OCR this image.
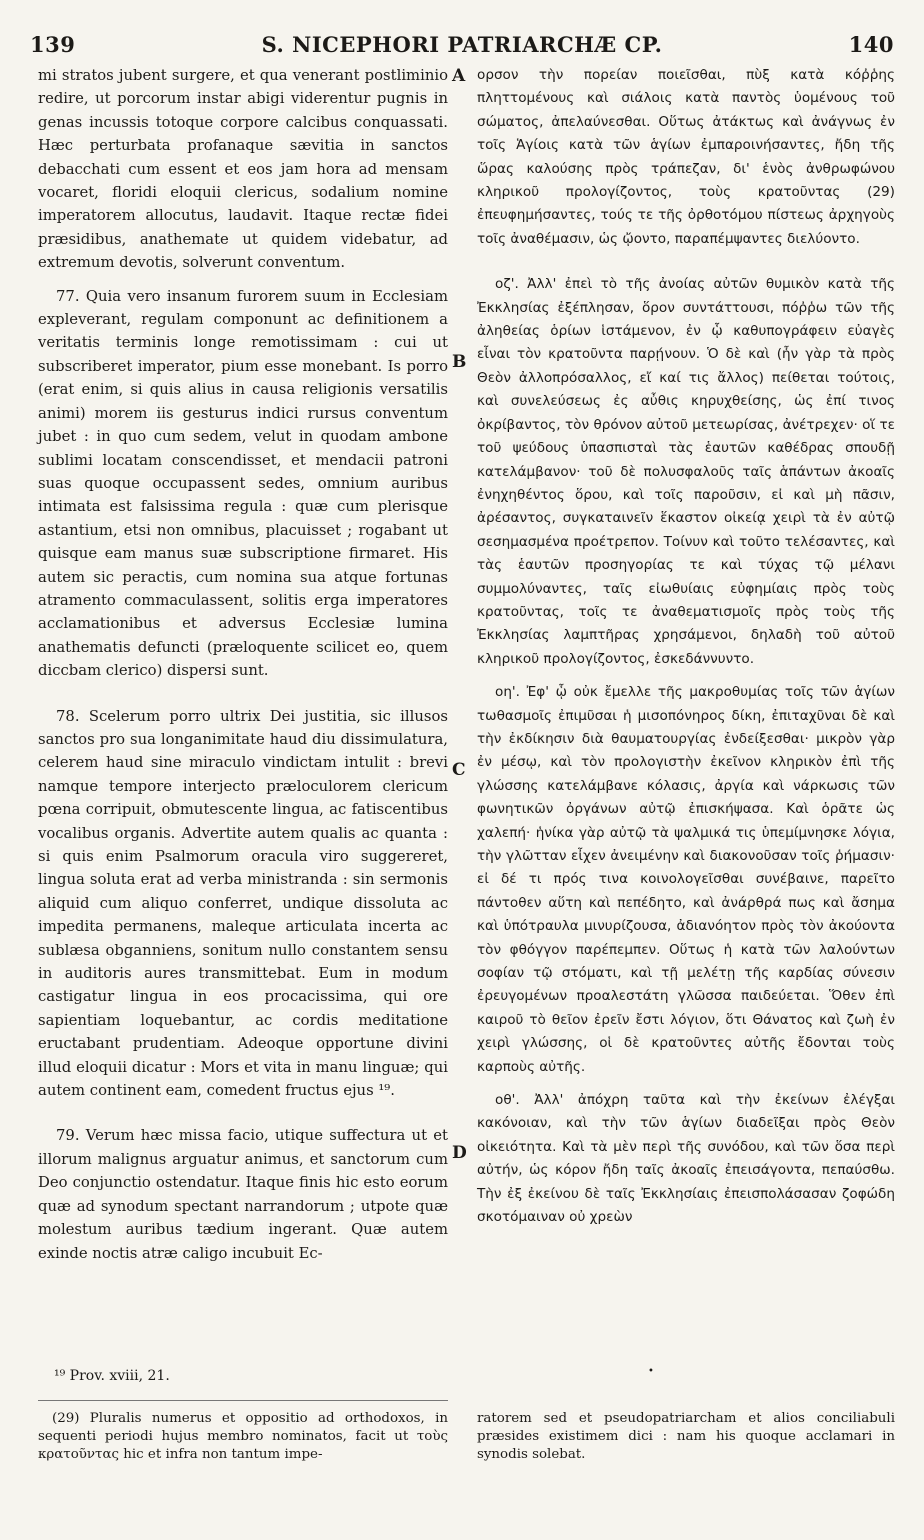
139	S. NICEPHORI PATRIARCHÆ CP.	140

mi stratos jubent surgere, et qua venerant postliminio redire, ut porcorum instar abigi viderentur pugnis in genas incussis totoque corpore calcibus conquassati. Hæc perturbata profanaque sævitia in sanctos debacchati cum essent et eos jam hora ad mensam vocaret, floridi eloquii clericus, sodalium nomine imperatorem allocutus, laudavit. Itaque rectæ fidei præsidibus, anathemate ut quidem videbatur, ad extremum devotis, solverunt conventum.

77. Quia vero insanum furorem suum in Ecclesiam expleverant, regulam componunt ac definitionem a veritatis terminis longe remotissimam : cui ut subscriberet imperator, pium esse monebant. Is porro (erat enim, si quis alius in causa religionis versatilis animi) morem iis gesturus indici rursus conventum jubet : in quo cum sedem, velut in quodam ambone sublimi locatam conscendisset, et mendacii patroni suas quoque occupassent sedes, omnium auribus intimata est falsissima regula : quæ cum plerisque astantium, etsi non omnibus, placuisset ; rogabant ut quisque eam manus suæ subscriptione firmaret. His autem sic peractis, cum nomina sua atque fortunas atramento commaculassent, solitis erga imperatores acclamationibus et adversus Ecclesiæ lumina anathematis defuncti (præloquente scilicet eo, quem diccbam clerico) dispersi sunt.

78. Scelerum porro ultrix Dei justitia, sic illusos sanctos pro sua longanimitate haud diu dissimulatura, celerem haud sine miraculo vindictam intulit : brevi namque tempore interjecto præloculorem clericum pœna corripuit, obmutescente lingua, ac fatiscentibus vocalibus organis. Advertite autem qualis ac quanta : si quis enim Psalmorum oracula viro suggereret, lingua soluta erat ad verba ministranda : sin sermonis aliquid cum aliquo conferret, undique dissoluta ac impedita permanens, maleque articulata incerta ac sublæsa obganniens, sonitum nullo constantem sensu in auditoris aures transmittebat. Eum in modum castigatur lingua in eos procacissima, qui ore sapientiam loquebantur, ac cordis meditatione eructabant prudentiam. Adeoque opportune divini illud eloquii dicatur : Mors et vita in manu linguæ; qui autem continent eam, comedent fructus ejus ¹⁹.

79. Verum hæc missa facio, utique suffectura ut et illorum malignus arguatur animus, et sanctorum cum Deo conjunctio ostendatur. Itaque finis hic esto eorum quæ ad synodum spectant narrandorum ; utpote quæ molestum auribus tædium ingerant. Quæ autem exinde noctis atræ caligo incubuit Ec-

A
B
C
D

ορσον τὴν πορείαν ποιεῖσθαι, πὺξ κατὰ κόῤῥης πληττομένους καὶ σιάλοις κατὰ παντὸς ὑομένους τοῦ σώματος, ἀπελαύνεσθαι. Οὕτως ἀτάκτως καὶ ἀνάγνως ἐν τοῖς Ἁγίοις κατὰ τῶν ἁγίων ἐμπαροινήσαντες, ἤδη τῆς ὥρας καλούσης πρὸς τράπεζαν, δι' ἑνὸς ἀνθρωφώνου κληρικοῦ προλογίζοντος, τοὺς κρατοῦντας (29) ἐπευφημήσαντες, τούς τε τῆς ὀρθοτόμου πίστεως ἀρχηγοὺς τοῖς ἀναθέμασιν, ὡς ᾤοντο, παραπέμψαντες διελύοντο.

οζ'. Ἀλλ' ἐπεὶ τὸ τῆς ἀνοίας αὐτῶν θυμικὸν κατὰ τῆς Ἐκκλησίας ἐξέπλησαν, ὅρον συντάττουσι, πόῤῥω τῶν τῆς ἀληθείας ὁρίων ἱστάμενον, ἐν ᾧ καθυπογράφειν εὐαγὲς εἶναι τὸν κρατοῦντα παρῄνουν. Ὁ δὲ καὶ (ἦν γὰρ τὰ πρὸς Θεὸν ἀλλοπρόσαλλος, εἴ καί τις ἄλλος) πείθεται τούτοις, καὶ συνελεύσεως ἐς αὖθις κηρυχθείσης, ὡς ἐπί τινος ὀκρίβαντος, τὸν θρόνον αὐτοῦ μετεωρίσας, ἀνέτρεχεν· οἵ τε τοῦ ψεύδους ὑπασπισταὶ τὰς ἑαυτῶν καθέδρας σπουδῇ κατελάμβανον· τοῦ δὲ πολυσφαλοῦς ταῖς ἁπάντων ἀκοαῖς ἐνηχηθέντος ὅρου, καὶ τοῖς παροῦσιν, εἰ καὶ μὴ πᾶσιν, ἀρέσαντος, συγκαταινεῖν ἕκαστον οἰκείᾳ χειρὶ τὰ ἐν αὐτῷ σεσημασμένα προέτρεπον. Τοίνυν καὶ τοῦτο τελέσαντες, καὶ τὰς ἑαυτῶν προσηγορίας τε καὶ τύχας τῷ μέλανι συμμολύναντες, ταῖς εἰωθυίαις εὐφημίαις πρὸς τοὺς κρατοῦντας, τοῖς τε ἀναθεματισμοῖς πρὸς τοὺς τῆς Ἐκκλησίας λαμπτῆρας χρησάμενοι, δηλαδὴ τοῦ αὐτοῦ κληρικοῦ προλογίζοντος, ἐσκεδάννυντο.

οη'. Ἐφ' ᾧ οὐκ ἔμελλε τῆς μακροθυμίας τοῖς τῶν ἁγίων τωθασμοῖς ἐπιμῦσαι ἡ μισοπόνηρος δίκη, ἐπιταχῦναι δὲ καὶ τὴν ἐκδίκησιν διὰ θαυματουργίας ἐνδείξεσθαι· μικρὸν γὰρ ἐν μέσῳ, καὶ τὸν προλογιστὴν ἐκεῖνον κληρικὸν ἐπὶ τῆς γλώσσης κατελάμβανε κόλασις, ἀργία καὶ νάρκωσις τῶν φωνητικῶν ὀργάνων αὐτῷ ἐπισκήψασα. Καὶ ὁρᾶτε ὡς χαλεπή· ἡνίκα γὰρ αὐτῷ τὰ ψαλμικά τις ὑπεμίμνησκε λόγια, τὴν γλῶτταν εἶχεν ἀνειμένην καὶ διακονοῦσαν τοῖς ῥήμασιν· εἰ δέ τι πρός τινα κοινολογεῖσθαι συνέβαινε, παρεῖτο πάντοθεν αὕτη καὶ πεπέδητο, καὶ ἀνάρθρά πως καὶ ἄσημα καὶ ὑπότραυλα μινυρίζουσα, ἀδιανόητον πρὸς τὸν ἀκούοντα τὸν φθόγγον παρέπεμπεν. Οὕτως ἡ κατὰ τῶν λαλούντων σοφίαν τῷ στόματι, καὶ τῇ μελέτῃ τῆς καρδίας σύνεσιν ἐρευγομένων προαλεστάτη γλῶσσα παιδεύεται. Ὅθεν ἐπὶ καιροῦ τὸ θεῖον ἐρεῖν ἔστι λόγιον, ὅτι Θάνατος καὶ ζωὴ ἐν χειρὶ γλώσσης, οἱ δὲ κρατοῦντες αὐτῆς ἔδονται τοὺς καρποὺς αὐτῆς.

οθ'. Ἀλλ' ἀπόχρη ταῦτα καὶ τὴν ἐκείνων ἐλέγξαι κακόνοιαν, καὶ τὴν τῶν ἁγίων διαδεῖξαι πρὸς Θεὸν οἰκειότητα. Καὶ τὰ μὲν περὶ τῆς συνόδου, καὶ τῶν ὅσα περὶ αὐτήν, ὡς κόρον ἤδη ταῖς ἀκοαῖς ἐπεισάγοντα, πεπαύσθω. Τὴν ἐξ ἐκείνου δὲ ταῖς Ἐκκλησίαις ἐπεισπολάσασαν ζοφώδη σκοτόμαιναν οὐ χρεὼν

•
¹⁹ Prov. xviii, 21.

(29) Pluralis numerus et oppositio ad orthodoxos, in sequenti periodi hujus membro nominatos, facit ut τοὺς κρατοῦντας hic et infra non tantum impe-

ratorem sed et pseudopatriarcham et alios conciliabuli præsides existimem dici : nam his quoque acclamari in synodis solebat.
